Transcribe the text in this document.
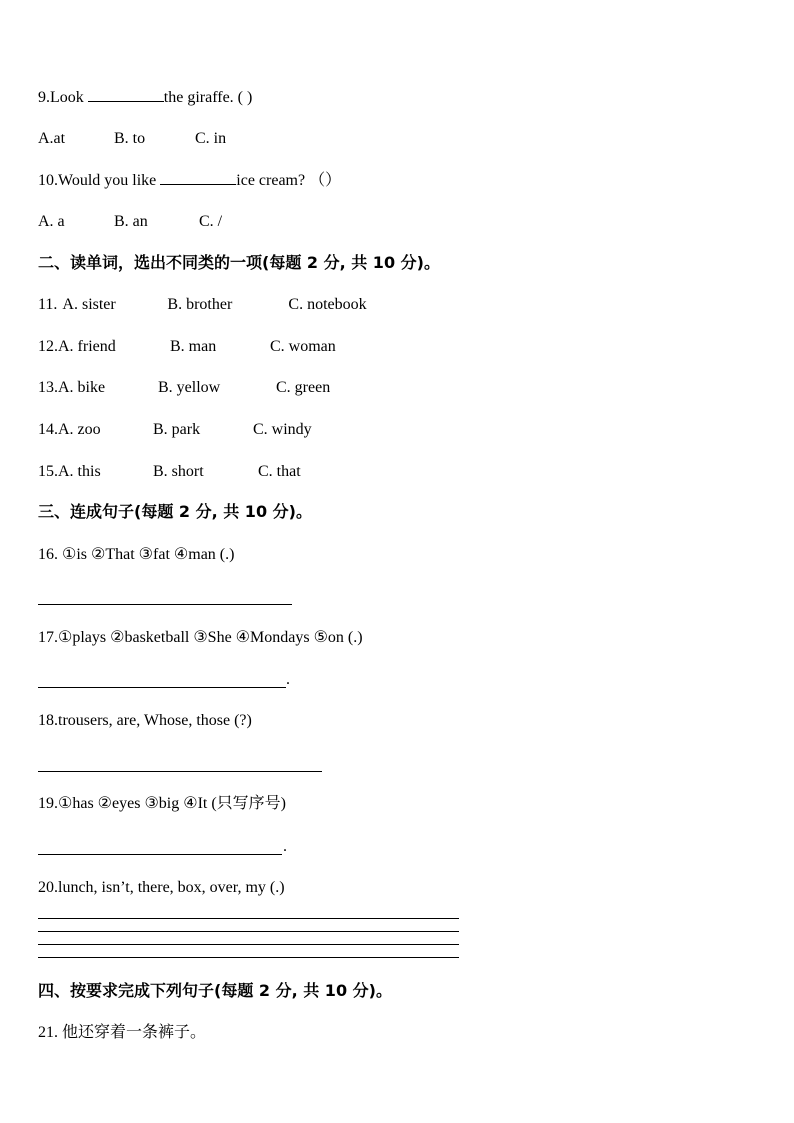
9.Look	the giraffe. ( )
A.at	B. to	C. in
10.Would you like	ice cream? （）
A. a	B. an	C. /
二、读单词，选出不同类的一项(每题 2 分, 共 10 分)。
11. A. sister	B. brother	C. notebook
12.A. friend	B. man	C. woman
13.A. bike	B. yellow	C. green
14.A. zoo	B. park	C. windy
15.A. this	B. short	C. that
三、连成句子(每题 2 分, 共 10 分)。
16. ①is ②That ③fat ④man (.)
17.①plays ②basketball ③She ④Mondays ⑤on (.)
.
18.trousers, are, Whose, those (?)
19.①has ②eyes ③big ④It (只写序号)
.
20.lunch, isn’t, there, box, over, my (.)
四、按要求完成下列句子(每题 2 分, 共 10 分)。
21. 他还穿着一条裤子。
